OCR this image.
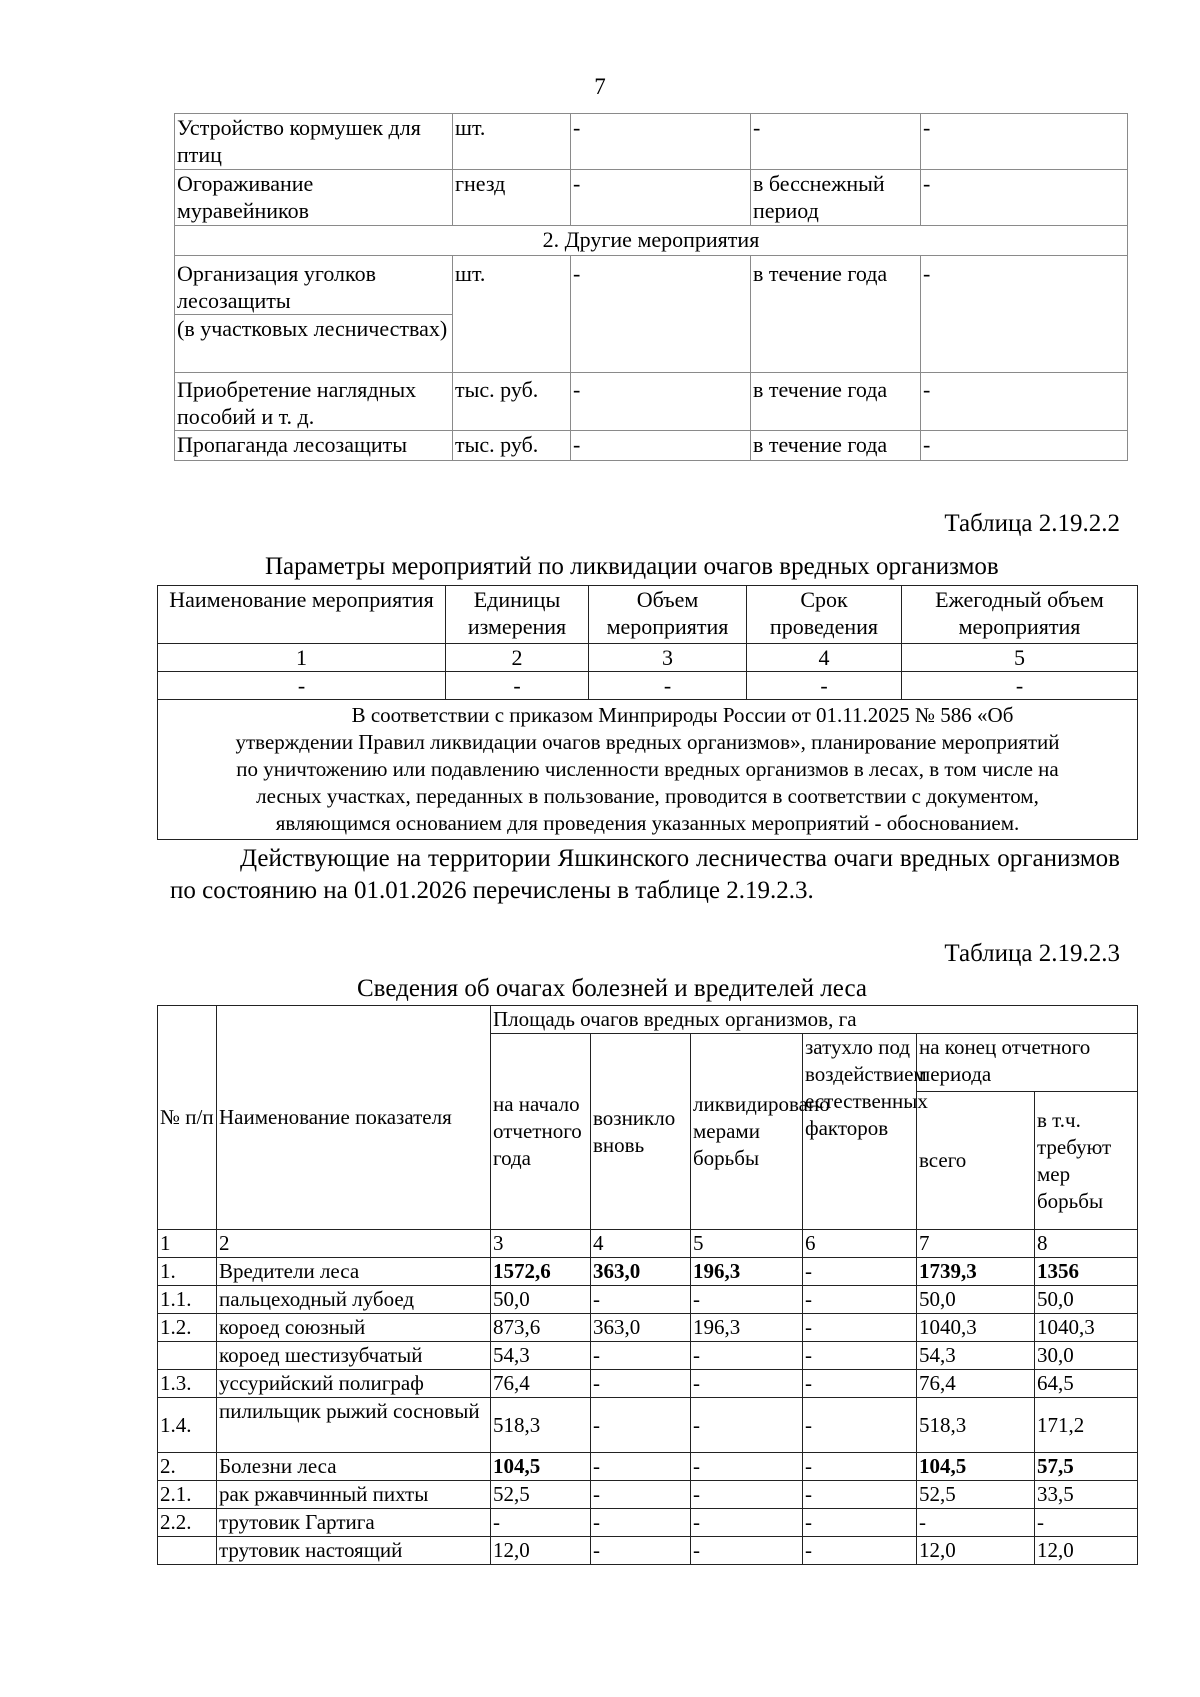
7
Устройство кормушек для птиц	шт.	-	-	-
Огораживание муравейников	гнезд	-	в бесснежный период	-
2. Другие мероприятия				
Организация уголков лесозащиты	шт.	-	в течение года	-
(в участковых лесничествах)				
Приобретение наглядных пособий и т. д.	тыс. руб.	-	в течение года	-
Пропаганда лесозащиты	тыс. руб.	-	в течение года	-
Таблица 2.19.2.2
Параметры мероприятий по ликвидации очагов вредных организмов
Наименование мероприятия	Единицы измерения	Объем мероприятия	Срок проведения	Ежегодный объем мероприятия
1	2	3	4	5
-	-	-	-	-

В соответствии с приказом Минприроды России от 01.11.2025 № 586 «Об
утверждении Правил ликвидации очагов вредных организмов», планирование мероприятий
по уничтожению или подавлению численности вредных организмов в лесах, в том числе на
лесных участках, переданных в пользование, проводится в соответствии с документом,
являющимся основанием для проведения указанных мероприятий - обоснованием.				
Действующие на территории Яшкинского лесничества очаги вредных организмов по состоянию на 01.01.2026 перечислены в таблице 2.19.2.3.
Таблица 2.19.2.3
Сведения об очагах болезней и вредителей леса
№ п/п	Наименование показателя	Площадь очагов вредных организмов, га					
		на начало отчетного года	возникло вновь	ликвидировано мерами борьбы	затухло под воздействием естественных факторов	на конец отчетного периода	
						всего	в т.ч. требуют мер борьбы
1	2	3	4	5	6	7	8
1.	Вредители леса	1572,6	363,0	196,3	-	1739,3	1356
1.1.	пальцеходный лубоед	50,0	-	-	-	50,0	50,0
1.2.	короед союзный	873,6	363,0	196,3	-	1040,3	1040,3
	короед шестизубчатый	54,3	-	-	-	54,3	30,0
1.3.	уссурийский полиграф	76,4	-	-	-	76,4	64,5
1.4.	пилильщик рыжий сосновый	518,3	-	-	-	518,3	171,2
2.	Болезни леса	104,5	-	-	-	104,5	57,5
2.1.	рак ржавчинный пихты	52,5	-	-	-	52,5	33,5
2.2.	трутовик Гартига	-	-	-	-	-	-
	трутовик настоящий	12,0	-	-	-	12,0	12,0
